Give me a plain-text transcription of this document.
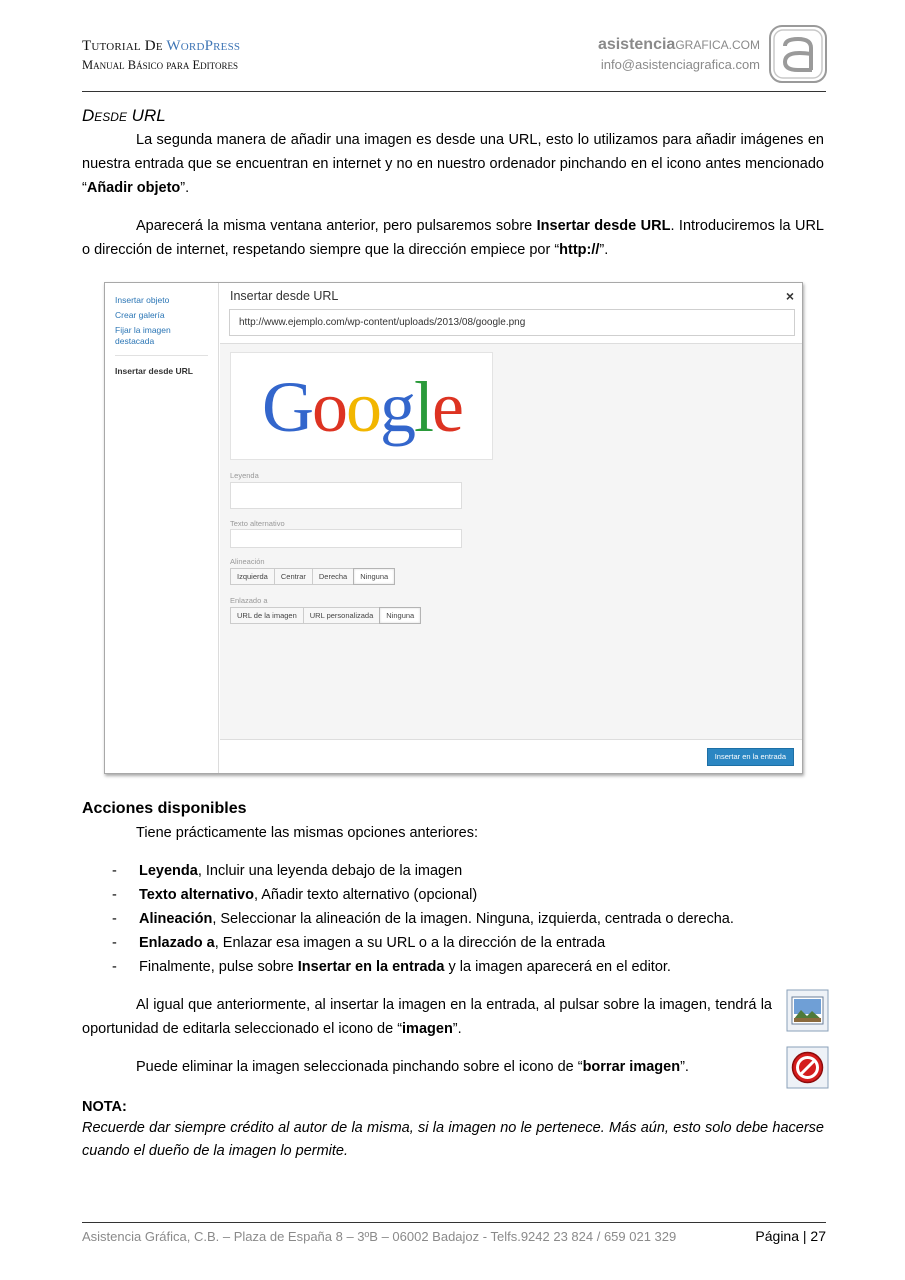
Tutorial De WordPress
Manual Básico para Editores
asistenciaGRAFICA.COM
info@asistenciagrafica.com
Desde URL

La segunda manera de añadir una imagen es desde una URL, esto lo utilizamos para añadir imágenes en nuestra entrada que se encuentran en internet y no en nuestro ordenador pinchando en el icono antes mencionado “Añadir objeto”.

Aparecerá la misma ventana anterior, pero pulsaremos sobre Insertar desde URL. Introduciremos la URL o dirección de internet, respetando siempre que la dirección empiece por “http://”.

Insertar objeto
Crear galería
Fijar la imagen destacada
Insertar desde URL
Insertar desde URL	×
http://www.ejemplo.com/wp-content/uploads/2013/08/google.png
Google
Leyenda
Texto alternativo
Alineación
Izquierda	Centrar	Derecha	Ninguna
Enlazado a
URL de la imagen	URL personalizada	Ninguna
Insertar en la entrada
Acciones disponibles

Tiene prácticamente las mismas opciones anteriores:

- Leyenda, Incluir una leyenda debajo de la imagen
- Texto alternativo, Añadir texto alternativo (opcional)
- Alineación, Seleccionar la alineación de la imagen. Ninguna, izquierda, centrada o derecha.
- Enlazado a, Enlazar esa imagen a su URL o a la dirección de la entrada
- Finalmente, pulse sobre Insertar en la entrada y la imagen aparecerá en el editor.

Al igual que anteriormente, al insertar la imagen en la entrada, al pulsar sobre la imagen, tendrá la oportunidad de editarla seleccionado el icono de “imagen”.

Puede eliminar la imagen seleccionada pinchando sobre el icono de “borrar imagen”.

NOTA:

Recuerde dar siempre crédito al autor de la misma, si la imagen no le pertenece. Más aún, esto solo debe hacerse cuando el dueño de la imagen lo permite.

Asistencia Gráfica, C.B. – Plaza de España 8 – 3ºB – 06002 Badajoz - Telfs.9242 23 824 / 659 021 329	Página | 27
